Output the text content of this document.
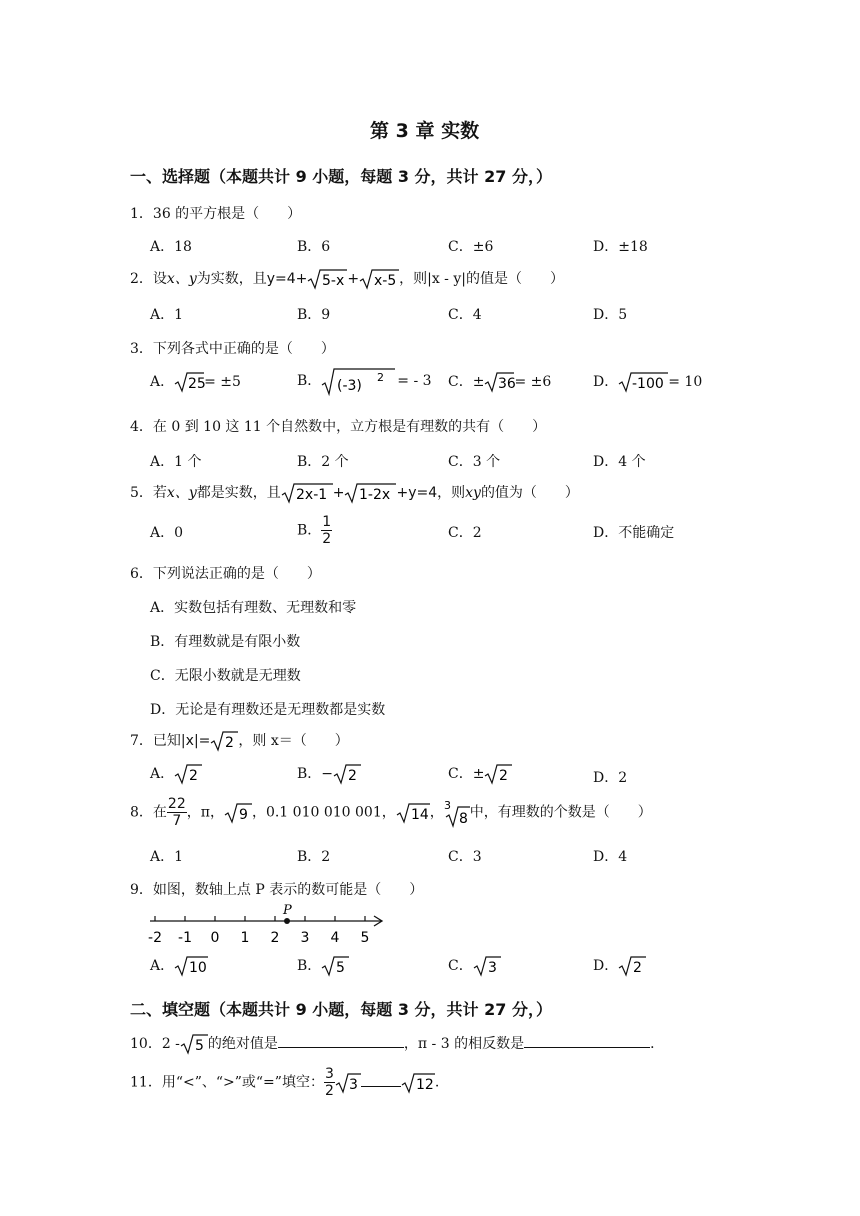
第 3 章 实数
一、选择题（本题共计 9 小题，每题 3 分，共计 27 分，）
1．36 的平方根是（　　）
A．18	B．6	C．±6	D．±18
2．设x、y为实数，且y=4+ 5-x + x-5 ，则|x - y|的值是（　　）
A．1	B．9	C．4	D．5
3．下列各式中正确的是（　　）
A． 25
= ±5	B． (-3)
2 = - 3 C．± 36
= ±6	D． -100 = 10
4．在 0 到 10 这 11 个自然数中，立方根是有理数的共有（　　）
A．1 个	B．2 个	C．3 个	D．4 个
5．若x、y都是实数，且 2x-1 + 1-2x +y=4，则xy的值为（　　）
A．0	B． $\frac{1}{2}$	C．2	D．不能确定
6．下列说法正确的是（　　）
A．实数包括有理数、无理数和零
B．有理数就是有限小数
C．无限小数就是无理数
D．无论是有理数还是无理数都是实数
7．已知|x|= 2 ，则 x＝（　　）
A． 2	B．− 2	C．± 2	D．2
8．在 $\frac{22}{7}$ ，π， 9 ，0.1 010 010 001， 14 ， 3
8 中，有理数的个数是（　　）
A．1	B．2	C．3	D．4
9．如图，数轴上点 P 表示的数可能是（　　）
-2 -1 0 1 2 3 4 5
P
A． 10	B． 5	C． 3	D． 2
二、填空题（本题共计 9 小题，每题 3 分，共计 27 分，）
10．2 - 5 的绝对值是	，π - 3 的相反数是	．
11．用“<”、“>”或“=”填空： $\frac{3}{2} 3$	12 .
